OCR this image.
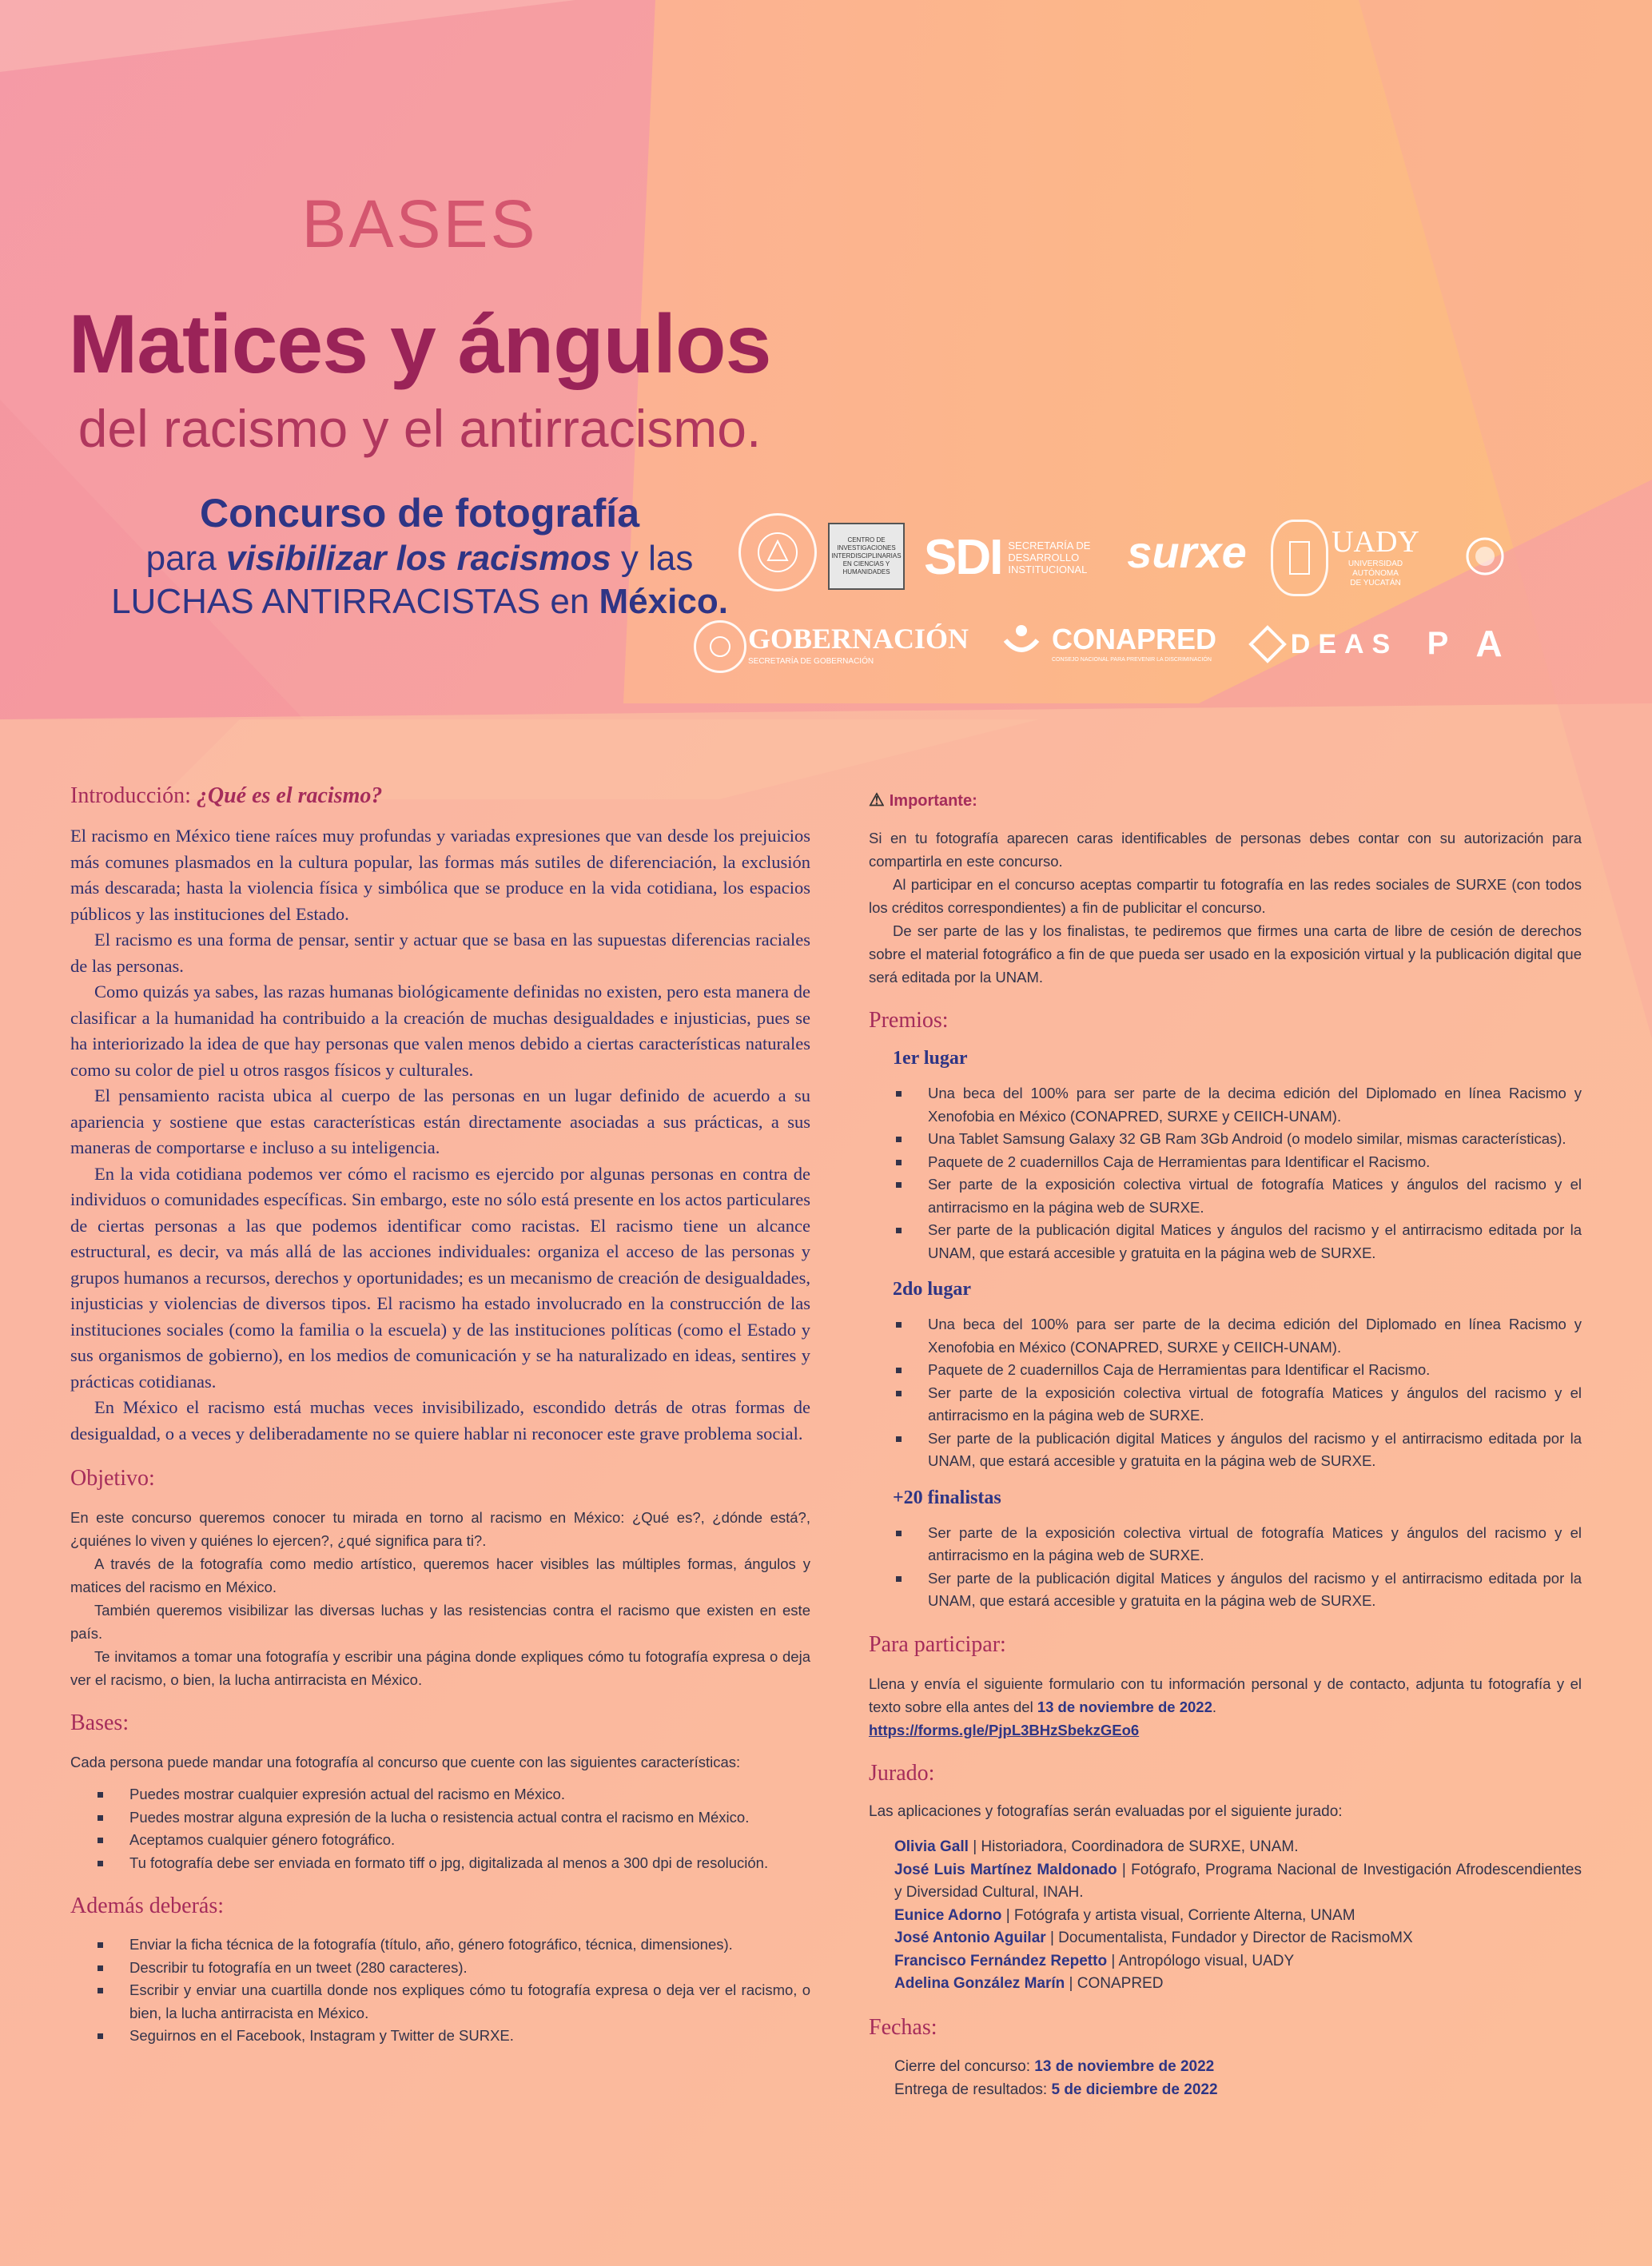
BASES
Matices y ángulos
del racismo y el antirracismo.
Concurso de fotografía
para visibilizar los racismos y las
LUCHAS ANTIRRACISTAS en México.
CENTRO DE INVESTIGACIONES INTERDISCIPLINARIAS EN CIENCIAS Y HUMANIDADES SDI SECRETARÍA DE
DESARROLLO
INSTITUCIONAL surxe	UADY
UNIVERSIDAD
AUTÓNOMA
DE YUCATÁN
GOBERNACIÓN
SECRETARÍA DE GOBERNACIÓN
CONAPRED
CONSEJO NACIONAL PARA PREVENIR LA DISCRIMINACIÓN
DEAS P A
Introducción: ¿Qué es el racismo?

El racismo en México tiene raíces muy profundas y variadas expresiones que van desde los prejuicios más comunes plasmados en la cultura popular, las formas más sutiles de diferenciación, la exclusión más descarada; hasta la violencia física y simbólica que se produce en la vida cotidiana, los espacios públicos y las instituciones del Estado.

El racismo es una forma de pensar, sentir y actuar que se basa en las supuestas diferencias raciales de las personas.

Como quizás ya sabes, las razas humanas biológicamente definidas no existen, pero esta manera de clasificar a la humanidad ha contribuido a la creación de muchas desigualdades e injusticias, pues se ha interiorizado la idea de que hay personas que valen menos debido a ciertas características naturales como su color de piel u otros rasgos físicos y culturales.

El pensamiento racista ubica al cuerpo de las personas en un lugar definido de acuerdo a su apariencia y sostiene que estas características están directamente asociadas a sus prácticas, a sus maneras de comportarse e incluso a su inteligencia.

En la vida cotidiana podemos ver cómo el racismo es ejercido por algunas personas en contra de individuos o comunidades específicas. Sin embargo, este no sólo está presente en los actos particulares de ciertas personas a las que podemos identificar como racistas. El racismo tiene un alcance estructural, es decir, va más allá de las acciones individuales: organiza el acceso de las personas y grupos humanos a recursos, derechos y oportunidades; es un mecanismo de creación de desigualdades, injusticias y violencias de diversos tipos. El racismo ha estado involucrado en la construcción de las instituciones sociales (como la familia o la escuela) y de las instituciones políticas (como el Estado y sus organismos de gobierno), en los medios de comunicación y se ha naturalizado en ideas, sentires y prácticas cotidianas.

En México el racismo está muchas veces invisibilizado, escondido detrás de otras formas de desigualdad, o a veces y deliberadamente no se quiere hablar ni reconocer este grave problema social.

Objetivo:

En este concurso queremos conocer tu mirada en torno al racismo en México: ¿Qué es?, ¿dónde está?, ¿quiénes lo viven y quiénes lo ejercen?, ¿qué significa para ti?.

A través de la fotografía como medio artístico, queremos hacer visibles las múltiples formas, ángulos y matices del racismo en México.

También queremos visibilizar las diversas luchas y las resistencias contra el racismo que existen en este país.

Te invitamos a tomar una fotografía y escribir una página donde expliques cómo tu fotografía expresa o deja ver el racismo, o bien, la lucha antirracista en México.

Bases:

Cada persona puede mandar una fotografía al concurso que cuente con las siguientes características:

Puedes mostrar cualquier expresión actual del racismo en México.
Puedes mostrar alguna expresión de la lucha o resistencia actual contra el racismo en México.
Aceptamos cualquier género fotográfico.
Tu fotografía debe ser enviada en formato tiff o jpg, digitalizada al menos a 300 dpi de resolución.
Además deberás:
Enviar la ficha técnica de la fotografía (título, año, género fotográfico, técnica, dimensiones).
Describir tu fotografía en un tweet (280 caracteres).
Escribir y enviar una cuartilla donde nos expliques cómo tu fotografía expresa o deja ver el racismo, o bien, la lucha antirracista en México.
Seguirnos en el Facebook, Instagram y Twitter de SURXE.
⚠ Importante:

Si en tu fotografía aparecen caras identificables de personas debes contar con su autorización para compartirla en este concurso.

Al participar en el concurso aceptas compartir tu fotografía en las redes sociales de SURXE (con todos los créditos correspondientes) a fin de publicitar el concurso.

De ser parte de las y los finalistas, te pediremos que firmes una carta de libre de cesión de derechos sobre el material fotográfico a fin de que pueda ser usado en la exposición virtual y la publicación digital que será editada por la UNAM.

Premios:
1er lugar
Una beca del 100% para ser parte de la decima edición del Diplomado en línea Racismo y Xenofobia en México (CONAPRED, SURXE y CEIICH-UNAM).
Una Tablet Samsung Galaxy 32 GB Ram 3Gb Android (o modelo similar, mismas características).
Paquete de 2 cuadernillos Caja de Herramientas para Identificar el Racismo.
Ser parte de la exposición colectiva virtual de fotografía Matices y ángulos del racismo y el antirracismo en la página web de SURXE.
Ser parte de la publicación digital Matices y ángulos del racismo y el antirracismo editada por la UNAM, que estará accesible y gratuita en la página web de SURXE.
2do lugar
Una beca del 100% para ser parte de la decima edición del Diplomado en línea Racismo y Xenofobia en México (CONAPRED, SURXE y CEIICH-UNAM).
Paquete de 2 cuadernillos Caja de Herramientas para Identificar el Racismo.
Ser parte de la exposición colectiva virtual de fotografía Matices y ángulos del racismo y el antirracismo en la página web de SURXE.
Ser parte de la publicación digital Matices y ángulos del racismo y el antirracismo editada por la UNAM, que estará accesible y gratuita en la página web de SURXE.
+20 finalistas
Ser parte de la exposición colectiva virtual de fotografía Matices y ángulos del racismo y el antirracismo en la página web de SURXE.
Ser parte de la publicación digital Matices y ángulos del racismo y el antirracismo editada por la UNAM, que estará accesible y gratuita en la página web de SURXE.
Para participar:

Llena y envía el siguiente formulario con tu información personal y de contacto, adjunta tu fotografía y el texto sobre ella antes del 13 de noviembre de 2022.

https://forms.gle/PjpL3BHzSbekzGEo6

Jurado:

Las aplicaciones y fotografías serán evaluadas por el siguiente jurado:

Olivia Gall | Historiadora, Coordinadora de SURXE, UNAM.

José Luis Martínez Maldonado | Fotógrafo, Programa Nacional de Investigación Afrodescendientes y Diversidad Cultural, INAH.

Eunice Adorno | Fotógrafa y artista visual, Corriente Alterna, UNAM

José Antonio Aguilar | Documentalista, Fundador y Director de RacismoMX

Francisco Fernández Repetto | Antropólogo visual, UADY

Adelina González Marín | CONAPRED

Fechas:

Cierre del concurso: 13 de noviembre de 2022

Entrega de resultados: 5 de diciembre de 2022
